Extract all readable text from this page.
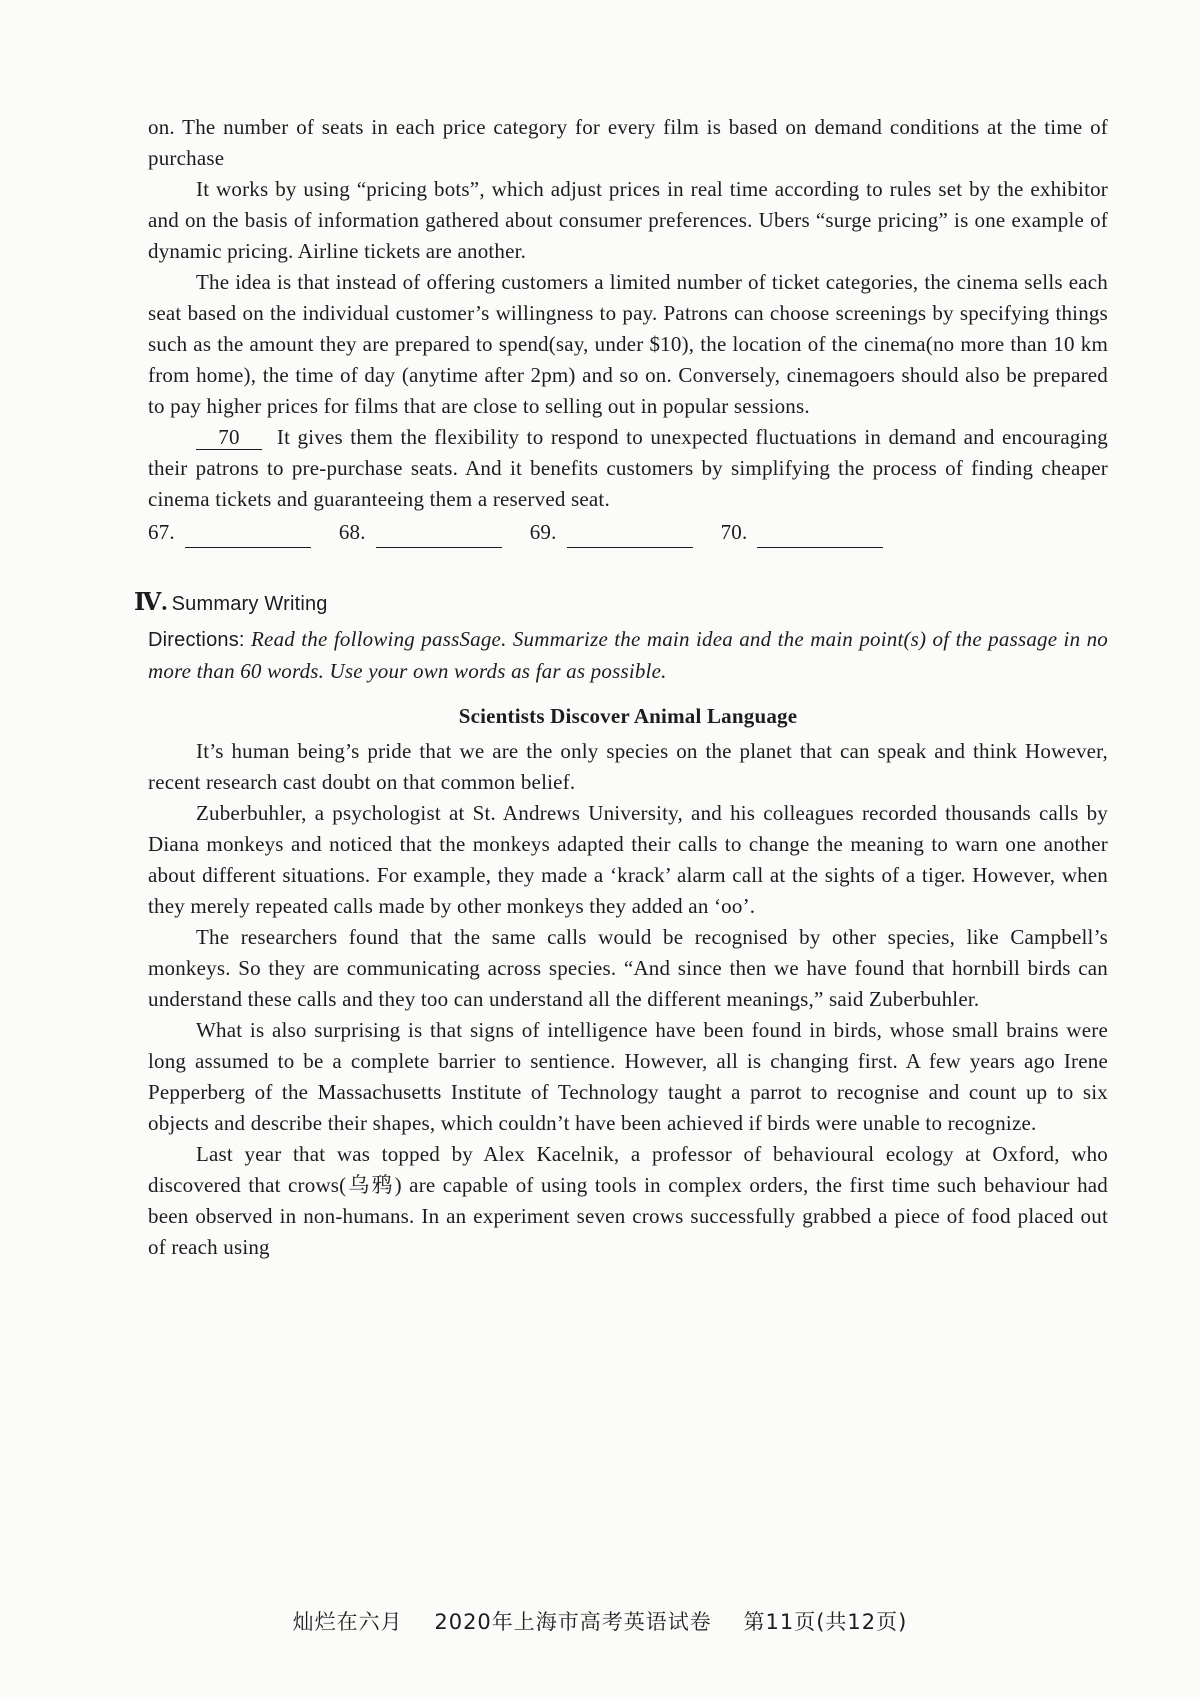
on. The number of seats in each price category for every film is based on demand conditions at the time of purchase

It works by using “pricing bots”, which adjust prices in real time according to rules set by the exhibitor and on the basis of information gathered about consumer preferences. Ubers “surge pricing” is one example of dynamic pricing. Airline tickets are another.

The idea is that instead of offering customers a limited number of ticket categories, the cinema sells each seat based on the individual customer’s willingness to pay. Patrons can choose screenings by specifying things such as the amount they are prepared to spend(say, under $10), the location of the cinema(no more than 10 km from home), the time of day (anytime after 2pm) and so on. Conversely, cinemagoers should also be prepared to pay higher prices for films that are close to selling out in popular sessions.

70 It gives them the flexibility to respond to unexpected fluctuations in demand and encouraging their patrons to pre-purchase seats. And it benefits customers by simplifying the process of finding cheaper cinema tickets and guaranteeing them a reserved seat.

67.	68.	69.	70.
Ⅳ. Summary Writing

Directions: Read the following passSage. Summarize the main idea and the main point(s) of the passage in no more than 60 words. Use your own words as far as possible.

Scientists Discover Animal Language

It’s human being’s pride that we are the only species on the planet that can speak and think However, recent research cast doubt on that common belief.

Zuberbuhler, a psychologist at St. Andrews University, and his colleagues recorded thousands calls by Diana monkeys and noticed that the monkeys adapted their calls to change the meaning to warn one another about different situations. For example, they made a ‘krack’ alarm call at the sights of a tiger. However, when they merely repeated calls made by other monkeys they added an ‘oo’.

The researchers found that the same calls would be recognised by other species, like Campbell’s monkeys. So they are communicating across species. “And since then we have found that hornbill birds can understand these calls and they too can understand all the different meanings,” said Zuberbuhler.

What is also surprising is that signs of intelligence have been found in birds, whose small brains were long assumed to be a complete barrier to sentience. However, all is changing first. A few years ago Irene Pepperberg of the Massachusetts Institute of Technology taught a parrot to recognise and count up to six objects and describe their shapes, which couldn’t have been achieved if birds were unable to recognize.

Last year that was topped by Alex Kacelnik, a professor of behavioural ecology at Oxford, who discovered that crows(乌鸦) are capable of using tools in complex orders, the first time such behaviour had been observed in non-humans. In an experiment seven crows successfully grabbed a piece of food placed out of reach using

灿烂在六月 2020年上海市高考英语试卷 第11页(共12页)
